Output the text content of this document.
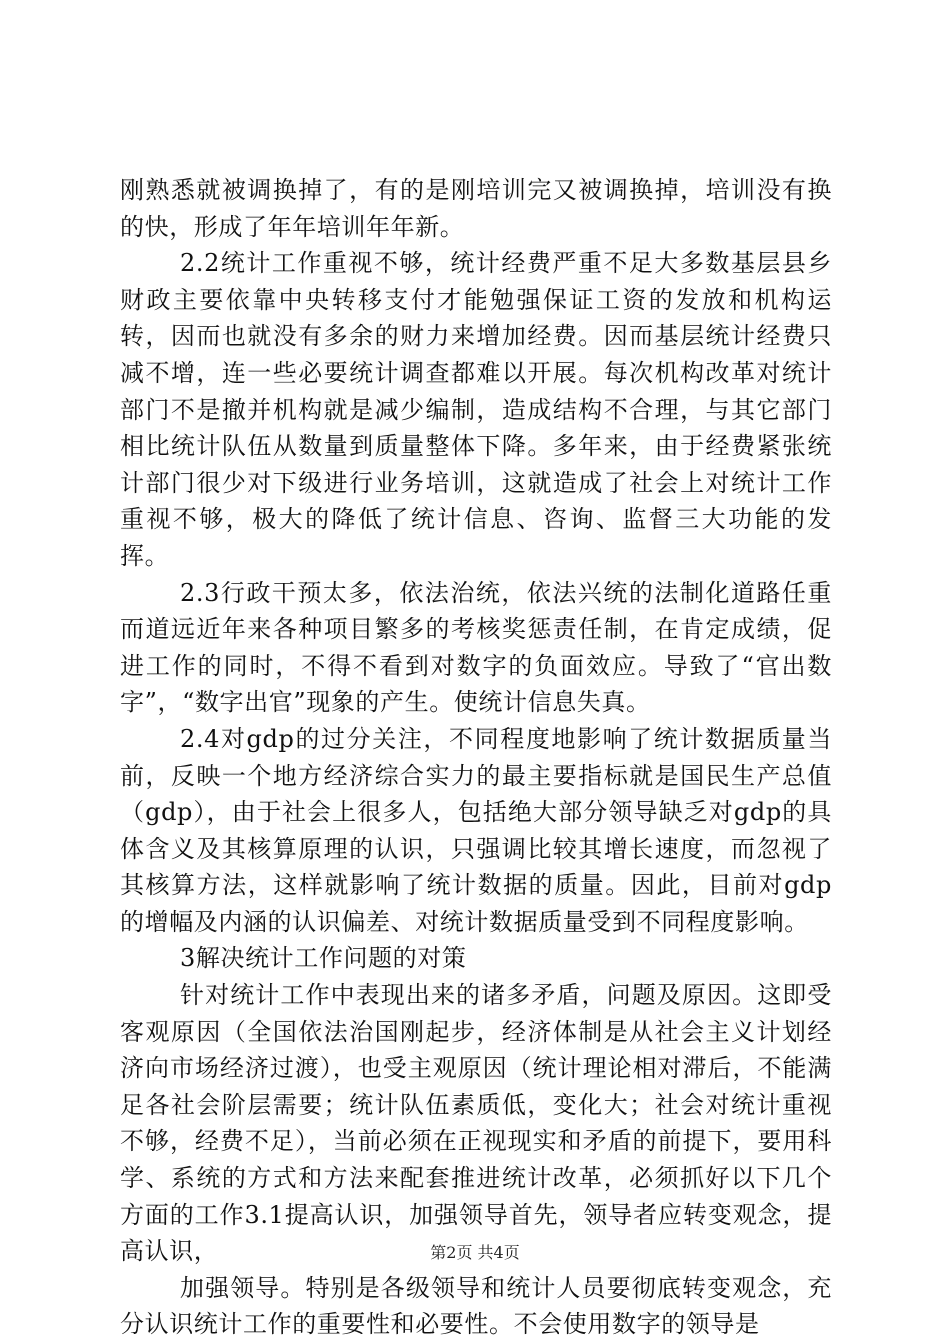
刚熟悉就被调换掉了，有的是刚培训完又被调换掉，培训没有换的快，形成了年年培训年年新。

2.2统计工作重视不够，统计经费严重不足大多数基层县乡财政主要依靠中央转移支付才能勉强保证工资的发放和机构运转，因而也就没有多余的财力来增加经费。因而基层统计经费只减不增，连一些必要统计调查都难以开展。每次机构改革对统计部门不是撤并机构就是减少编制，造成结构不合理，与其它部门相比统计队伍从数量到质量整体下降。多年来，由于经费紧张统计部门很少对下级进行业务培训，这就造成了社会上对统计工作重视不够，极大的降低了统计信息、咨询、监督三大功能的发挥。

2.3行政干预太多，依法治统，依法兴统的法制化道路任重而道远近年来各种项目繁多的考核奖惩责任制，在肯定成绩，促进工作的同时，不得不看到对数字的负面效应。导致了“官出数字”，“数字出官”现象的产生。使统计信息失真。

2.4对gdp的过分关注，不同程度地影响了统计数据质量当前，反映一个地方经济综合实力的最主要指标就是国民生产总值（gdp），由于社会上很多人，包括绝大部分领导缺乏对gdp的具体含义及其核算原理的认识，只强调比较其增长速度，而忽视了其核算方法，这样就影响了统计数据的质量。因此，目前对gdp的增幅及内涵的认识偏差、对统计数据质量受到不同程度影响。

3解决统计工作问题的对策

针对统计工作中表现出来的诸多矛盾，问题及原因。这即受客观原因（全国依法治国刚起步，经济体制是从社会主义计划经济向市场经济过渡），也受主观原因（统计理论相对滞后，不能满足各社会阶层需要；统计队伍素质低，变化大；社会对统计重视不够，经费不足），当前必须在正视现实和矛盾的前提下，要用科学、系统的方式和方法来配套推进统计改革，必须抓好以下几个方面的工作3.1提高认识，加强领导首先，领导者应转变观念，提高认识，

加强领导。特别是各级领导和统计人员要彻底转变观念，充分认识统计工作的重要性和必要性。不会使用数字的领导是

第2页 共4页
